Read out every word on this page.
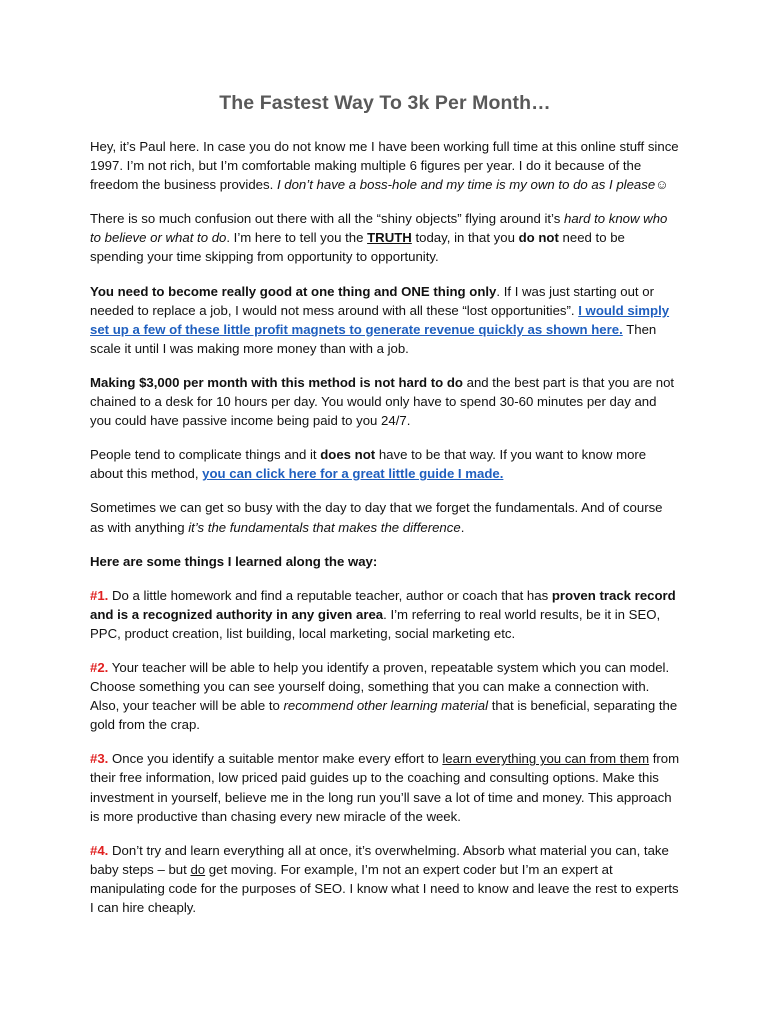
The Fastest Way To 3k Per Month…

Hey, it’s Paul here. In case you do not know me I have been working full time at this online stuff since 1997. I’m not rich, but I’m comfortable making multiple 6 figures per year. I do it because of the freedom the business provides. I don’t have a boss-hole and my time is my own to do as I please☺

There is so much confusion out there with all the “shiny objects” flying around it’s hard to know who to believe or what to do. I’m here to tell you the TRUTH today, in that you do not need to be spending your time skipping from opportunity to opportunity.

You need to become really good at one thing and ONE thing only. If I was just starting out or needed to replace a job, I would not mess around with all these “lost opportunities”. I would simply set up a few of these little profit magnets to generate revenue quickly as shown here. Then scale it until I was making more money than with a job.

Making $3,000 per month with this method is not hard to do and the best part is that you are not chained to a desk for 10 hours per day. You would only have to spend 30-60 minutes per day and you could have passive income being paid to you 24/7.

People tend to complicate things and it does not have to be that way. If you want to know more about this method, you can click here for a great little guide I made.

Sometimes we can get so busy with the day to day that we forget the fundamentals. And of course as with anything it’s the fundamentals that makes the difference.

Here are some things I learned along the way:

#1. Do a little homework and find a reputable teacher, author or coach that has proven track record and is a recognized authority in any given area. I’m referring to real world results, be it in SEO, PPC, product creation, list building, local marketing, social marketing etc.

#2. Your teacher will be able to help you identify a proven, repeatable system which you can model. Choose something you can see yourself doing, something that you can make a connection with. Also, your teacher will be able to recommend other learning material that is beneficial, separating the gold from the crap.

#3. Once you identify a suitable mentor make every effort to learn everything you can from them from their free information, low priced paid guides up to the coaching and consulting options. Make this investment in yourself, believe me in the long run you’ll save a lot of time and money. This approach is more productive than chasing every new miracle of the week.

#4. Don’t try and learn everything all at once, it’s overwhelming. Absorb what material you can, take baby steps – but do get moving. For example, I’m not an expert coder but I’m an expert at manipulating code for the purposes of SEO. I know what I need to know and leave the rest to experts I can hire cheaply.
